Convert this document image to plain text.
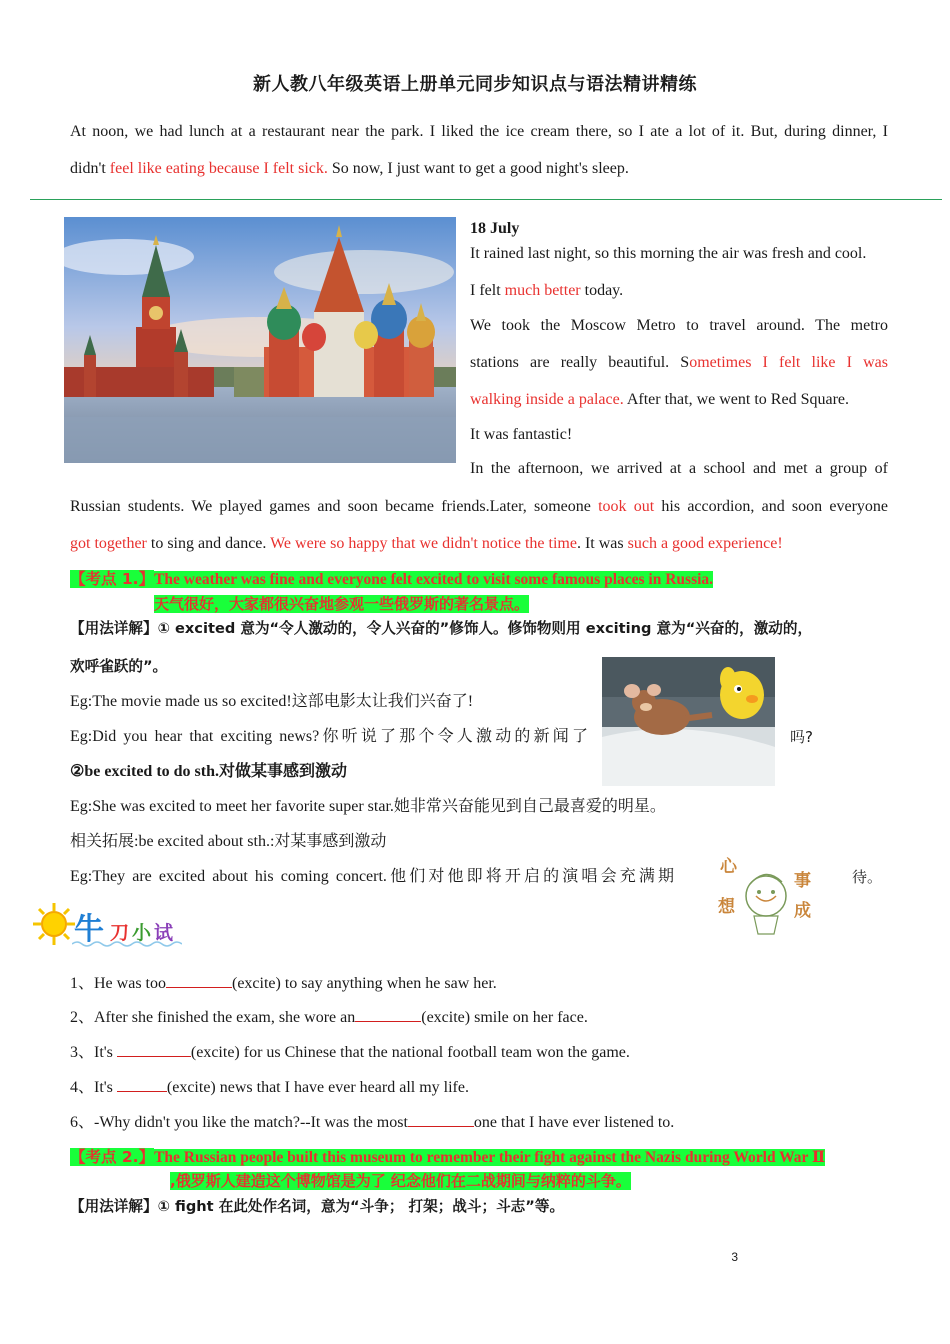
新人教八年级英语上册单元同步知识点与语法精讲精练
At noon, we had lunch at a restaurant near the park. I liked the ice cream there, so I ate a lot of it. But, during dinner, I
didn't feel like eating because I felt sick. So now, I just want to get a good night's sleep.
18 July
It rained last night, so this morning the air was fresh and cool.
I felt much better today.
We took the Moscow Metro to travel around. The metro
stations are really beautiful. Sometimes I felt like I was
walking inside a palace. After that, we went to Red Square.
It was fantastic!
In the afternoon, we arrived at a school and met a group of
Russian students. We played games and soon became friends.Later, someone took out his accordion, and soon everyone
got together to sing and dance. We were so happy that we didn't notice the time. It was such a good experience!
【考点 1.】The weather was fine and everyone felt excited to visit some famous places in Russia.
天气很好，大家都很兴奋地参观一些俄罗斯的著名景点。
【用法详解】① excited 意为“令人激动的，令人兴奋的”修饰人。修饰物则用 exciting 意为“兴奋的，激动的，
欢呼雀跃的”。
Eg:The movie made us so excited!这部电影太让我们兴奋了!
Eg:Did you hear that exciting news?你听说了那个令人激动的新闻了	吗?
②be excited to do sth.对做某事感到激动
Eg:She was excited to meet her favorite super star.她非常兴奋能见到自己最喜爱的明星。
相关拓展:be excited about sth.:对某事感到激动
Eg:They are excited about his coming concert.他们对他即将开启的演唱会充满期	待。
心
想
事
成
牛 刀 小 试
1、He was too	(excite) to say anything when he saw her.
2、After she finished the exam, she wore an	(excite) smile on her face.
3、It's	(excite) for us Chinese that the national football team won the game.
4、It's	(excite) news that I have ever heard all my life.
6、-Why didn't you like the match?--It was the most	one that I have ever listened to.
【考点 2.】The Russian people built this museum to remember their fight against the Nazis during World War Ⅱ
,俄罗斯人建造这个博物馆是为了 纪念他们在二战期间与纳粹的斗争。
【用法详解】① fight 在此处作名词，意为“斗争； 打架；战斗；斗志”等。
3
